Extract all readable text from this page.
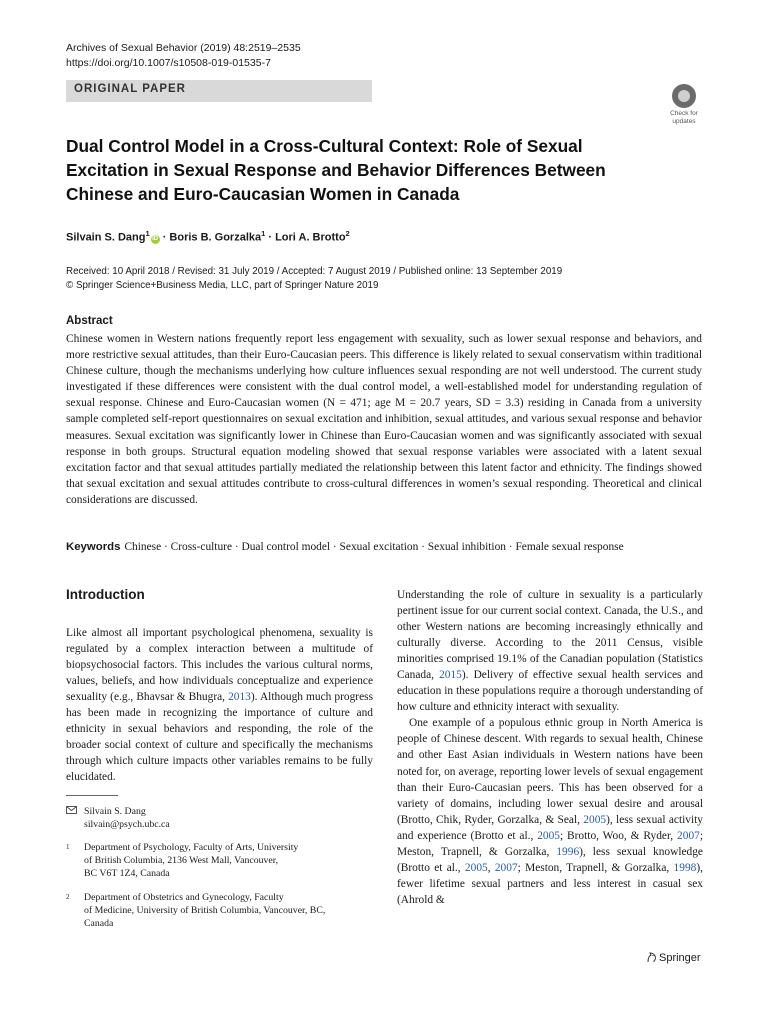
Archives of Sexual Behavior (2019) 48:2519–2535
https://doi.org/10.1007/s10508-019-01535-7
ORIGINAL PAPER
Check for
updates
Dual Control Model in a Cross-Cultural Context: Role of Sexual Excitation in Sexual Response and Behavior Differences Between Chinese and Euro-Caucasian Women in Canada
Silvain S. Dang$^1$iD · Boris B. Gorzalka$^1$ · Lori A. Brotto$^2$
Received: 10 April 2018 / Revised: 31 July 2019 / Accepted: 7 August 2019 / Published online: 13 September 2019
© Springer Science+Business Media, LLC, part of Springer Nature 2019
Abstract
Chinese women in Western nations frequently report less engagement with sexuality, such as lower sexual response and behaviors, and more restrictive sexual attitudes, than their Euro-Caucasian peers. This difference is likely related to sexual conservatism within traditional Chinese culture, though the mechanisms underlying how culture influences sexual responding are not well understood. The current study investigated if these differences were consistent with the dual control model, a well-established model for understanding regulation of sexual response. Chinese and Euro-Caucasian women (N = 471; age M = 20.7 years, SD = 3.3) residing in Canada from a university sample completed self-report questionnaires on sexual excitation and inhibition, sexual attitudes, and various sexual response and behavior measures. Sexual excitation was significantly lower in Chinese than Euro-Caucasian women and was significantly associated with sexual response in both groups. Structural equation modeling showed that sexual response variables were associated with a latent sexual excitation factor and that sexual attitudes partially mediated the relationship between this latent factor and ethnicity. The findings showed that sexual excitation and sexual attitudes contribute to cross-cultural differences in women’s sexual responding. Theoretical and clinical considerations are discussed.
Keywords Chinese · Cross-culture · Dual control model · Sexual excitation · Sexual inhibition · Female sexual response
Introduction

Like almost all important psychological phenomena, sexuality is regulated by a complex interaction between a multitude of biopsychosocial factors. This includes the various cultural norms, values, beliefs, and how individuals conceptualize and experience sexuality (e.g., Bhavsar & Bhugra, 2013). Although much progress has been made in recognizing the importance of culture and ethnicity in sexual behaviors and responding, the role of the broader social context of culture and specifically the mechanisms through which culture impacts other variables remains to be fully elucidated.

Understanding the role of culture in sexuality is a particularly pertinent issue for our current social context. Canada, the U.S., and other Western nations are becoming increasingly ethnically and culturally diverse. According to the 2011 Census, visible minorities comprised 19.1% of the Canadian population (Statistics Canada, 2015). Delivery of effective sexual health services and education in these populations require a thorough understanding of how culture and ethnicity interact with sexuality.

One example of a populous ethnic group in North America is people of Chinese descent. With regards to sexual health, Chinese and other East Asian individuals in Western nations have been noted for, on average, reporting lower levels of sexual engagement than their Euro-Caucasian peers. This has been observed for a variety of domains, including lower sexual desire and arousal (Brotto, Chik, Ryder, Gorzalka, & Seal, 2005), less sexual activity and experience (Brotto et al., 2005; Brotto, Woo, & Ryder, 2007; Meston, Trapnell, & Gorzalka, 1996), less sexual knowledge (Brotto et al., 2005, 2007; Meston, Trapnell, & Gorzalka, 1998), fewer lifetime sexual partners and less interest in casual sex (Ahrold &

Silvain S. Dang
silvain@psych.ubc.ca
1 Department of Psychology, Faculty of Arts, University
of British Columbia, 2136 West Mall, Vancouver,
BC V6T 1Z4, Canada
2 Department of Obstetrics and Gynecology, Faculty
of Medicine, University of British Columbia, Vancouver, BC,
Canada
Springer
